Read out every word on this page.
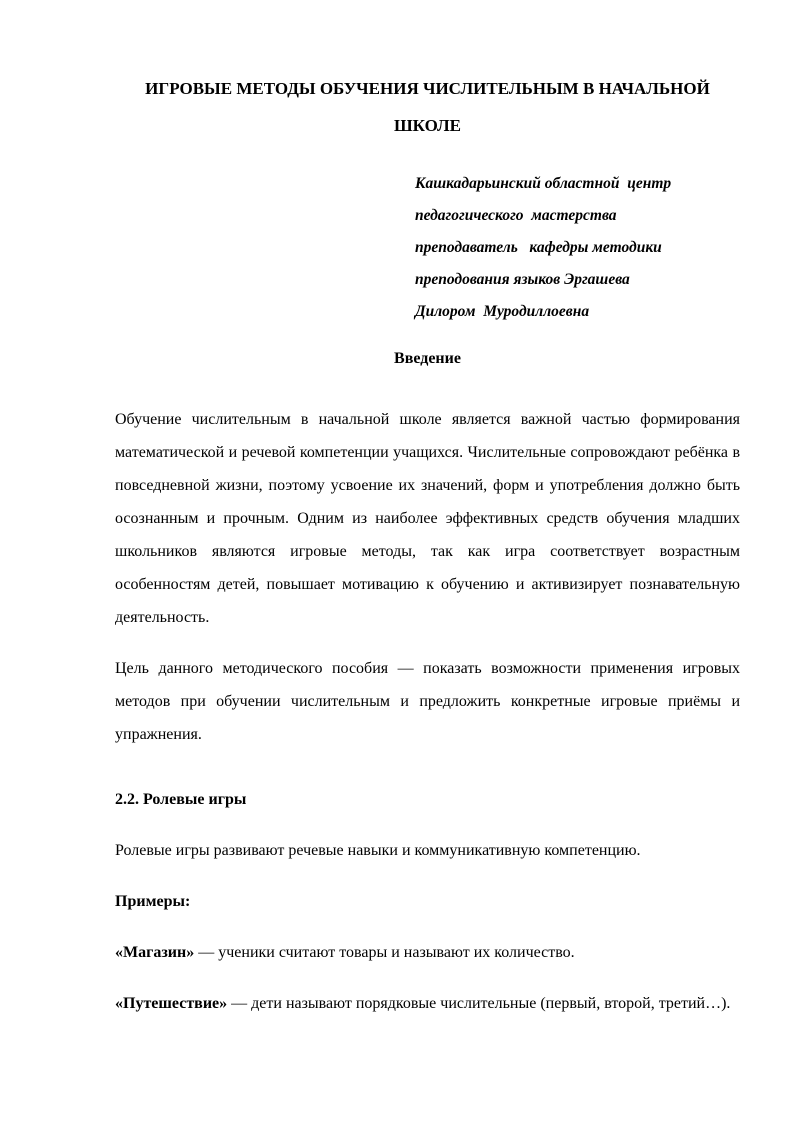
ИГРОВЫЕ МЕТОДЫ ОБУЧЕНИЯ ЧИСЛИТЕЛЬНЫМ В НАЧАЛЬНОЙ ШКОЛЕ
Кашкадарьинский областной  центр
педагогического  мастерства
преподаватель   кафедры методики
преподования языков Эргашева
Дилором  Муродиллоевна
Введение

Обучение числительным в начальной школе является важной частью формирования математической и речевой компетенции учащихся. Числительные сопровождают ребёнка в повседневной жизни, поэтому усвоение их значений, форм и употребления должно быть осознанным и прочным. Одним из наиболее эффективных средств обучения младших школьников являются игровые методы, так как игра соответствует возрастным особенностям детей, повышает мотивацию к обучению и активизирует познавательную деятельность.

Цель данного методического пособия — показать возможности применения игровых методов при обучении числительным и предложить конкретные игровые приёмы и упражнения.

2.2. Ролевые игры

Ролевые игры развивают речевые навыки и коммуникативную компетенцию.

Примеры:

«Магазин» — ученики считают товары и называют их количество.

«Путешествие» — дети называют порядковые числительные (первый, второй, третий…).
